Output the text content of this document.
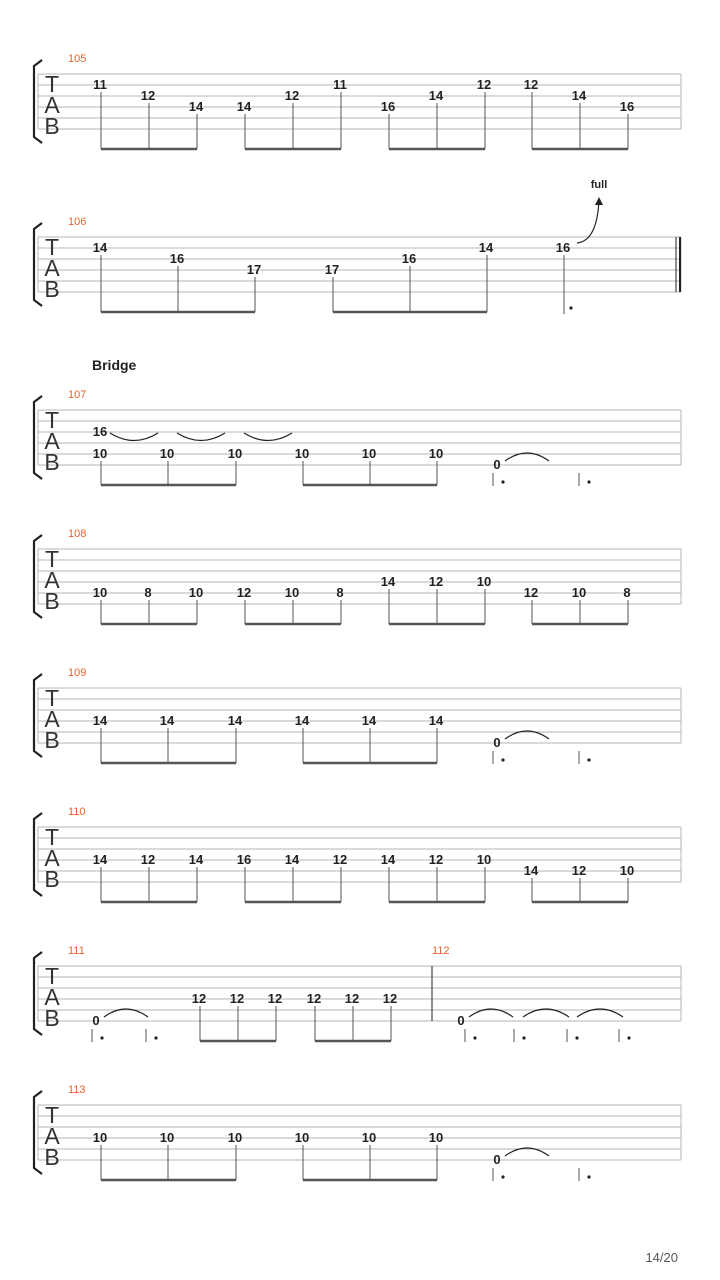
T
A
B
105
11
12
14	14
12
11
16
14
12	12
14
16
T
A
B
106
14
16
17	17
16
14	16
full
T
A
B
107
16
10	10	10	10	10	10
0
T
A
B
108
10	8	10	12	10	8
14	12	10
12	10	8
T
A
B
109
14	14	14	14	14	14
0
T
A
B
110
14	12	14	16	14	12	14	12	10
14	12	10
T
A
B
111
0
12 12 12 12 12 12
112
0
T
A
B
113
10	10	10	10	10	10
0
Bridge
14/20
